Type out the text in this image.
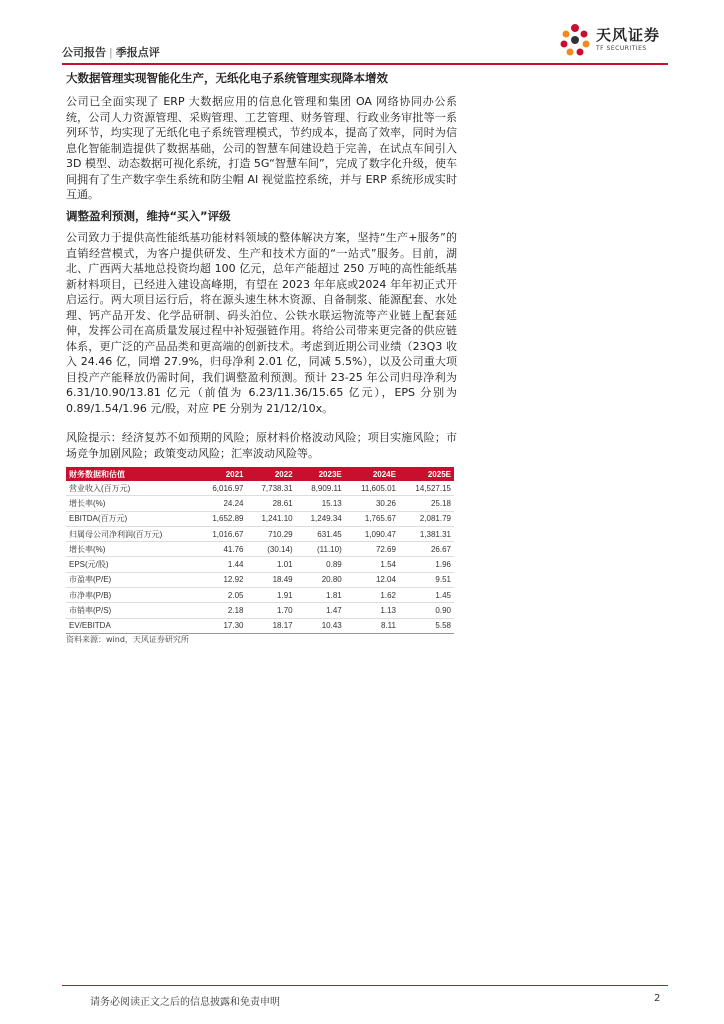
公司报告 | 季报点评
天风证券
TF SECURITIES
大数据管理实现智能化生产，无纸化电子系统管理实现降本增效
公司已全面实现了 ERP 大数据应用的信息化管理和集团 OA 网络协同办公系统，公司人力资源管理、采购管理、工艺管理、财务管理、行政业务审批等一系列环节，均实现了无纸化电子系统管理模式，节约成本，提高了效率，同时为信息化智能制造提供了数据基础，公司的智慧车间建设趋于完善，在试点车间引入 3D 模型、动态数据可视化系统，打造 5G“智慧车间”，完成了数字化升级，使车间拥有了生产数字孪生系统和防尘帽 AI 视觉监控系统，并与 ERP 系统形成实时互通。
调整盈利预测，维持“买入”评级
公司致力于提供高性能纸基功能材料领域的整体解决方案，坚持“生产+服务”的直销经营模式，为客户提供研发、生产和技术方面的“一站式”服务。目前，湖北、广西两大基地总投资均超 100 亿元，总年产能超过 250 万吨的高性能纸基新材料项目，已经进入建设高峰期，有望在 2023 年年底或2024 年年初正式开启运行。两大项目运行后，将在源头速生林木资源、自备制浆、能源配套、水处理、钙产品开发、化学品研制、码头泊位、公铁水联运物流等产业链上配套延伸，发挥公司在高质量发展过程中补短强链作用。将给公司带来更完备的供应链体系，更广泛的产品品类和更高端的创新技术。考虑到近期公司业绩（23Q3 收入 24.46 亿，同增 27.9%，归母净利 2.01 亿，同减 5.5%），以及公司重大项目投产产能释放仍需时间，我们调整盈利预测。预计 23-25 年公司归母净利为 6.31/10.90/13.81 亿元（前值为 6.23/11.36/15.65 亿元），EPS 分别为 0.89/1.54/1.96 元/股，对应 PE 分别为 21/12/10x。
风险提示：经济复苏不如预期的风险；原材料价格波动风险；项目实施风险；市场竞争加剧风险；政策变动风险；汇率波动风险等。
财务数据和估值	2021	2022	2023E	2024E	2025E
营业收入(百万元)	6,016.97	7,738.31	8,909.11	11,605.01	14,527.15
增长率(%)	24.24	28.61	15.13	30.26	25.18
EBITDA(百万元)	1,652.89	1,241.10	1,249.34	1,765.67	2,081.79
归属母公司净利润(百万元)	1,016.67	710.29	631.45	1,090.47	1,381.31
增长率(%)	41.76	(30.14)	(11.10)	72.69	26.67
EPS(元/股)	1.44	1.01	0.89	1.54	1.96
市盈率(P/E)	12.92	18.49	20.80	12.04	9.51
市净率(P/B)	2.05	1.91	1.81	1.62	1.45
市销率(P/S)	2.18	1.70	1.47	1.13	0.90
EV/EBITDA	17.30	18.17	10.43	8.11	5.58
资料来源：wind，天风证券研究所
请务必阅读正文之后的信息披露和免责申明	2
